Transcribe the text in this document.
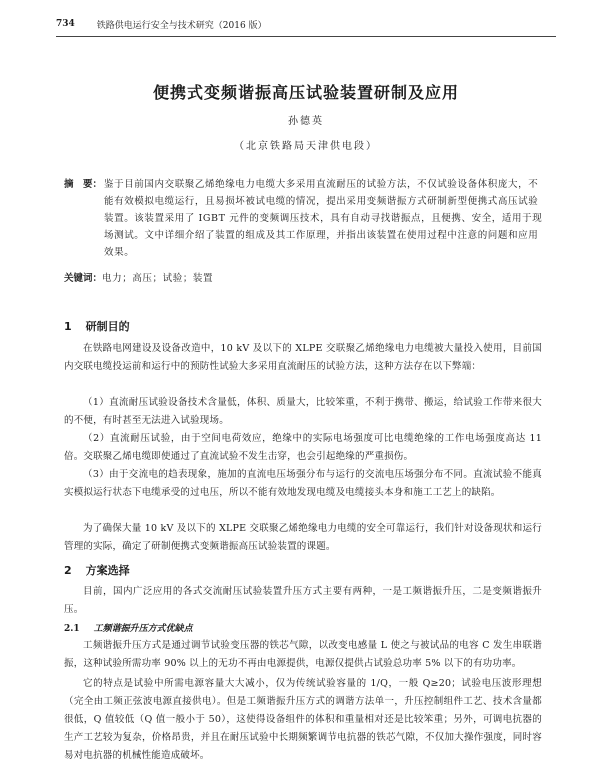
734 铁路供电运行安全与技术研究（2016 版）
便携式变频谐振高压试验装置研制及应用
孙德英
（北京铁路局天津供电段）
摘　要： 鉴于目前国内交联聚乙烯绝缘电力电缆大多采用直流耐压的试验方法，不仅试验设备体积庞大，不能有效模拟电缆运行，且易损坏被试电缆的情况，提出采用变频谐振方式研制新型便携式高压试验装置。该装置采用了 IGBT 元件的变频调压技术，具有自动寻找谐振点，且便携、安全，适用于现场测试。文中详细介绍了装置的组成及其工作原理，并指出该装置在使用过程中注意的问题和应用效果。
关键词： 电力；高压；试验；装置
1 研制目的

在铁路电网建设及设备改造中，10 kV 及以下的 XLPE 交联聚乙烯绝缘电力电缆被大量投入使用，目前国内交联电缆投运前和运行中的预防性试验大多采用直流耐压的试验方法，这种方法存在以下弊端：

（1）直流耐压试验设备技术含量低，体积、质量大，比较笨重，不利于携带、搬运，给试验工作带来很大的不便，有时甚至无法进入试验现场。

（2）直流耐压试验，由于空间电荷效应，绝缘中的实际电场强度可比电缆绝缘的工作电场强度高达 11 倍。交联聚乙烯电缆即使通过了直流试验不发生击穿，也会引起绝缘的严重损伤。

（3）由于交流电的趋表现象，施加的直流电压场强分布与运行的交流电压场强分布不同。直流试验不能真实模拟运行状态下电缆承受的过电压，所以不能有效地发现电缆及电缆接头本身和施工工艺上的缺陷。

为了确保大量 10 kV 及以下的 XLPE 交联聚乙烯绝缘电力电缆的安全可靠运行，我们针对设备现状和运行管理的实际，确定了研制便携式变频谐振高压试验装置的课题。

2 方案选择

目前，国内广泛应用的各式交流耐压试验装置升压方式主要有两种，一是工频谐振升压，二是变频谐振升压。

2.1 工频谐振升压方式优缺点

工频谐振升压方式是通过调节试验变压器的铁芯气隙，以改变电感量 L 使之与被试品的电容 C 发生串联谐振，这种试验所需功率 90% 以上的无功不再由电源提供，电源仅提供占试验总功率 5% 以下的有功功率。

它的特点是试验中所需电源容量大大减小，仅为传统试验容量的 1/Q，一般 Q≥20；试验电压波形理想（完全由工频正弦波电源直接供电）。但是工频谐振升压方式的调谐方法单一，升压控制组件工艺、技术含量都很低，Q 值较低（Q 值一般小于 50），这使得设备组件的体积和重量相对还是比较笨重；另外，可调电抗器的生产工艺较为复杂，价格昂贵，并且在耐压试验中长期频繁调节电抗器的铁芯气隙，不仅加大操作强度，同时容易对电抗器的机械性能造成破坏。
